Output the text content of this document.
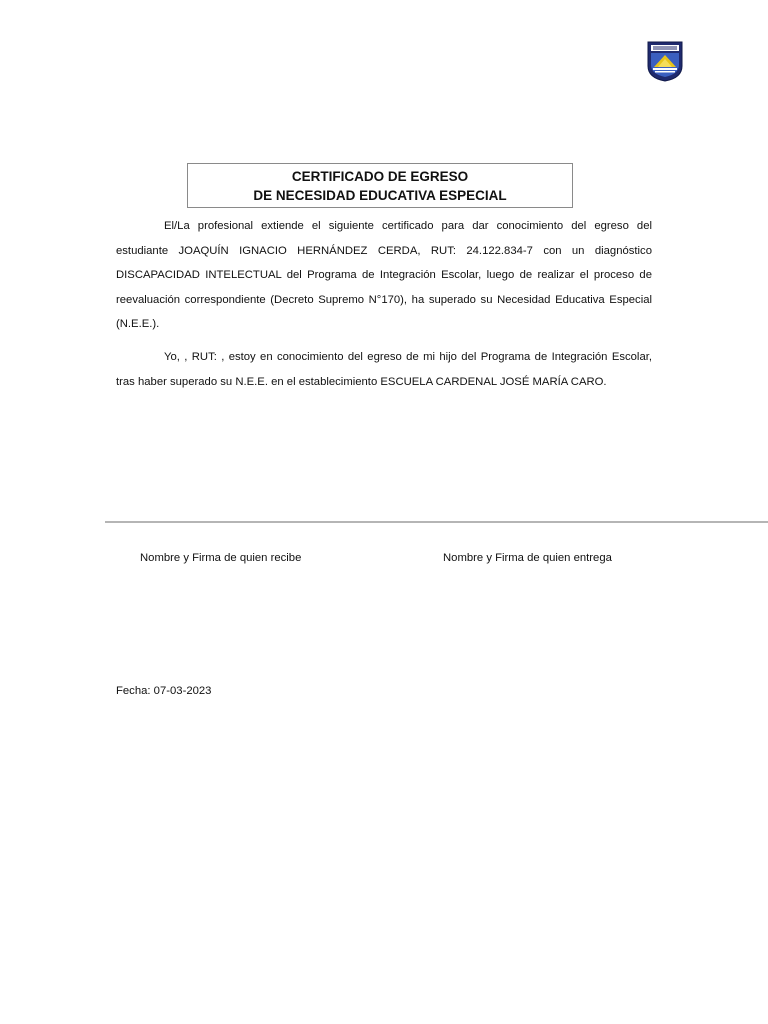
CERTIFICADO DE EGRESO
DE NECESIDAD EDUCATIVA ESPECIAL
El/La profesional extiende el siguiente certificado para dar conocimiento del egreso del estudiante JOAQUÍN IGNACIO HERNÁNDEZ CERDA, RUT: 24.122.834-7 con un diagnóstico DISCAPACIDAD INTELECTUAL del Programa de Integración Escolar, luego de realizar el proceso de reevaluación correspondiente (Decreto Supremo N°170), ha superado su Necesidad Educativa Especial (N.E.E.).
Yo, , RUT: , estoy en conocimiento del egreso de mi hijo del Programa de Integración Escolar, tras haber superado su N.E.E. en el establecimiento ESCUELA CARDENAL JOSÉ MARÍA CARO.
Nombre y Firma de quien recibe	Nombre y Firma de quien entrega
Fecha: 07-03-2023
